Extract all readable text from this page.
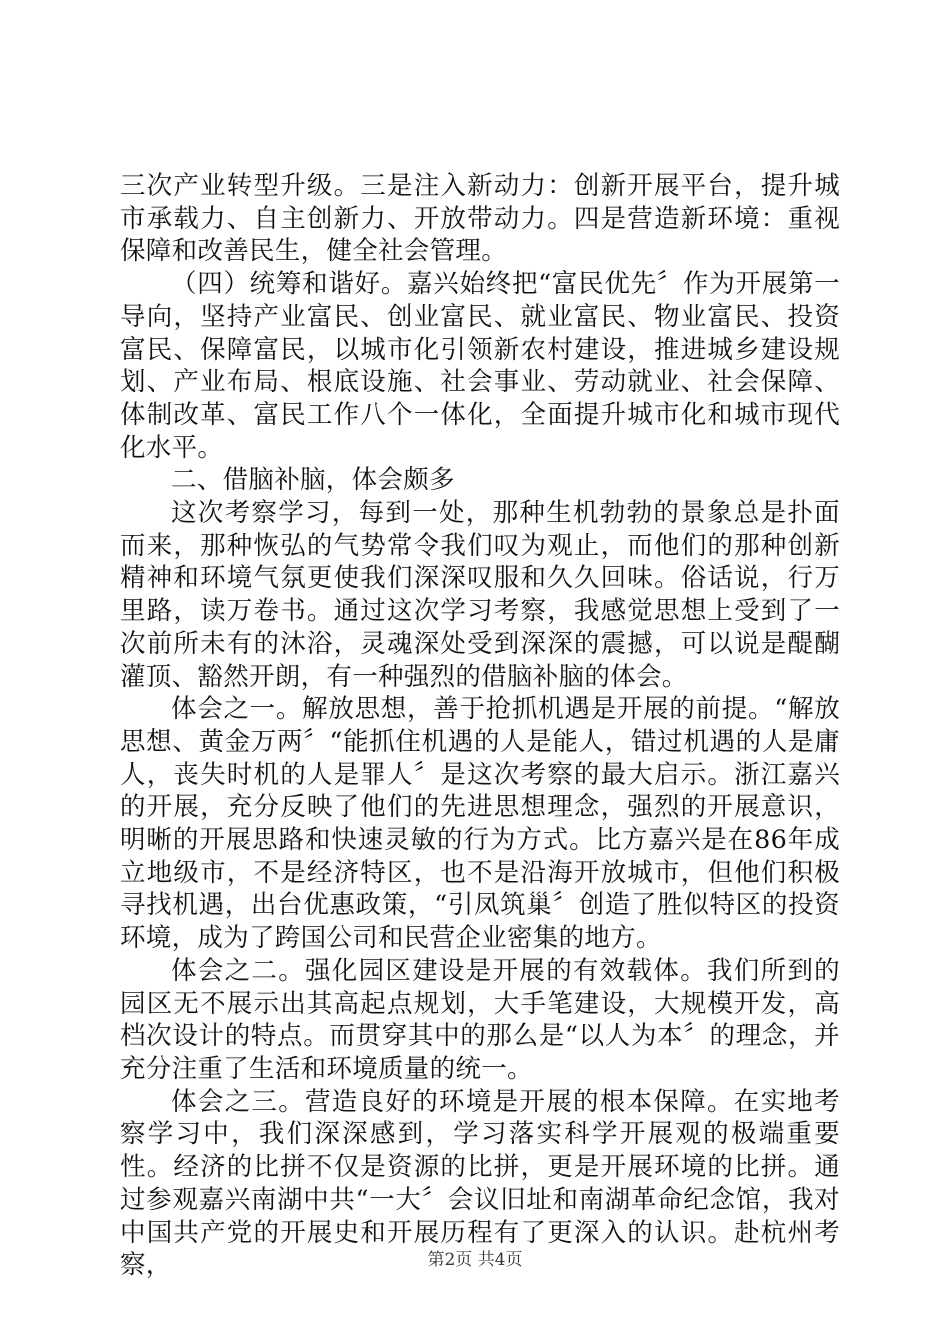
三次产业转型升级。三是注入新动力：创新开展平台，提升城市承载力、自主创新力、开放带动力。四是营造新环境：重视保障和改善民生，健全社会管理。

（四）统筹和谐好。嘉兴始终把“富民优先〞作为开展第一导向，坚持产业富民、创业富民、就业富民、物业富民、投资富民、保障富民，以城市化引领新农村建设，推进城乡建设规划、产业布局、根底设施、社会事业、劳动就业、社会保障、体制改革、富民工作八个一体化，全面提升城市化和城市现代化水平。

二、借脑补脑，体会颇多

这次考察学习，每到一处，那种生机勃勃的景象总是扑面而来，那种恢弘的气势常令我们叹为观止，而他们的那种创新精神和环境气氛更使我们深深叹服和久久回味。俗话说，行万里路，读万卷书。通过这次学习考察，我感觉思想上受到了一次前所未有的沐浴，灵魂深处受到深深的震撼，可以说是醍醐灌顶、豁然开朗，有一种强烈的借脑补脑的体会。

体会之一。解放思想，善于抢抓机遇是开展的前提。“解放思想、黄金万两〞“能抓住机遇的人是能人，错过机遇的人是庸人，丧失时机的人是罪人〞是这次考察的最大启示。浙江嘉兴的开展，充分反映了他们的先进思想理念，强烈的开展意识，明晰的开展思路和快速灵敏的行为方式。比方嘉兴是在86年成立地级市，不是经济特区，也不是沿海开放城市，但他们积极寻找机遇，出台优惠政策，“引凤筑巢〞创造了胜似特区的投资环境，成为了跨国公司和民营企业密集的地方。

体会之二。强化园区建设是开展的有效载体。我们所到的园区无不展示出其高起点规划，大手笔建设，大规模开发，高档次设计的特点。而贯穿其中的那么是“以人为本〞的理念，并充分注重了生活和环境质量的统一。

体会之三。营造良好的环境是开展的根本保障。在实地考察学习中，我们深深感到，学习落实科学开展观的极端重要性。经济的比拼不仅是资源的比拼，更是开展环境的比拼。通过参观嘉兴南湖中共“一大〞会议旧址和南湖革命纪念馆，我对中国共产党的开展史和开展历程有了更深入的认识。赴杭州考察，	第2页 共4页
